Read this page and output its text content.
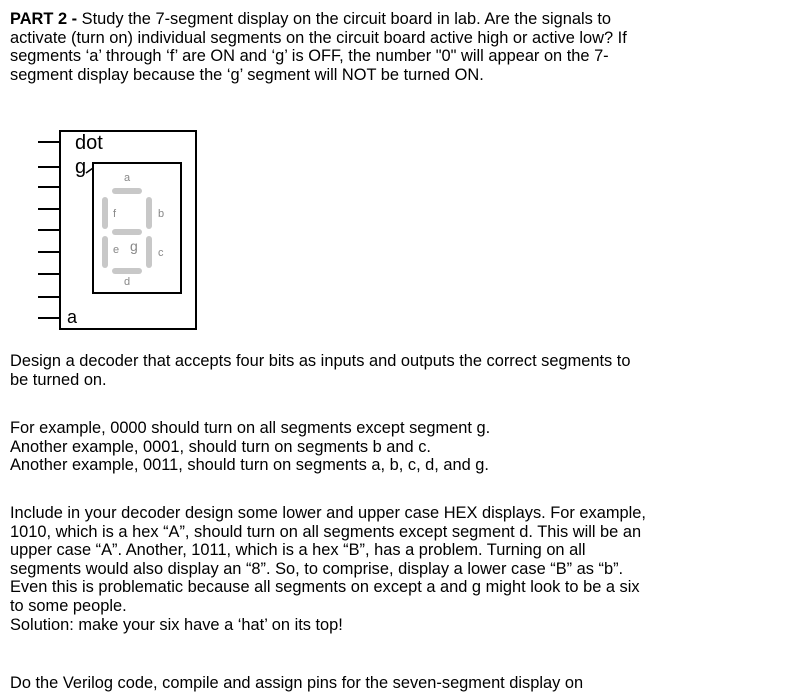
PART 2 - Study the 7-segment display on the circuit board in lab. Are the signals to

activate (turn on) individual segments on the circuit board active high or active low? If

segments ‘a’ through ‘f’ are ON and ‘g’ is OFF, the number "0" will appear on the 7-

segment display because the ‘g’ segment will NOT be turned ON.

dot
g
a
a
b
c
d
e
f
g

Design a decoder that accepts four bits as inputs and outputs the correct segments to

be turned on.

For example, 0000 should turn on all segments except segment g.

Another example, 0001, should turn on segments b and c.

Another example, 0011, should turn on segments a, b, c, d, and g.

Include in your decoder design some lower and upper case HEX displays. For example,

1010, which is a hex “A”, should turn on all segments except segment d. This will be an

upper case “A”. Another, 1011, which is a hex “B”, has a problem. Turning on all

segments would also display an “8”. So, to comprise, display a lower case “B” as “b”.

Even this is problematic because all segments on except a and g might look to be a six

to some people.

Solution: make your six have a ‘hat’ on its top!

Do the Verilog code, compile and assign pins for the seven-segment display on
